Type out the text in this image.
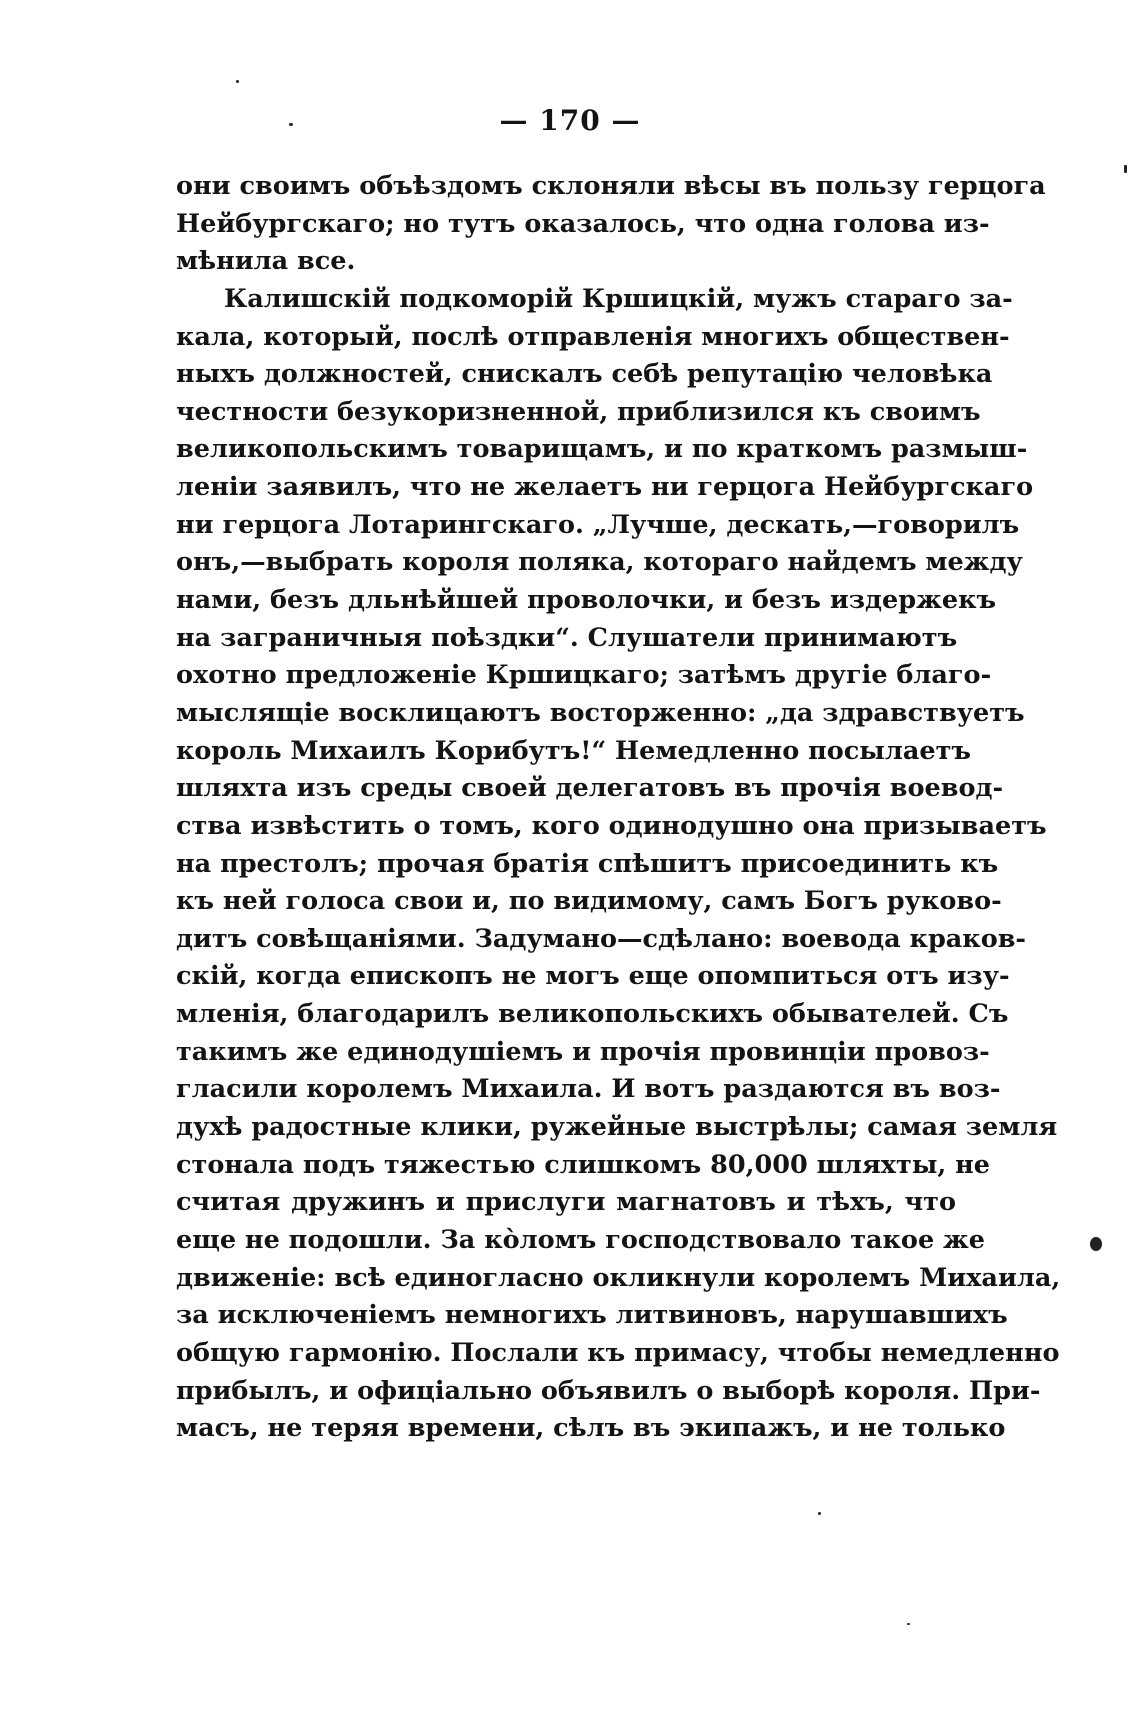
— 170 —
они своимъ объѣздомъ склоняли вѣсы въ пользу герцога
Нейбургскаго; но тутъ оказалось, что одна голова из-
мѣнила все.
Калишскій подкоморій Кршицкій, мужъ стараго за-
кала, который, послѣ отправленія многихъ обществен-
ныхъ должностей, снискалъ себѣ репутацію человѣка
честности безукоризненной, приблизился къ своимъ
великопольскимъ товарищамъ, и по краткомъ размыш-
леніи заявилъ, что не желаетъ ни герцога Нейбургскаго
ни герцога Лотарингскаго. „Лучше, дескать,—говорилъ
онъ,—выбрать короля поляка, котораго найдемъ между
нами, безъ дльнѣйшей проволочки, и безъ издержекъ
на заграничныя поѣздки“. Слушатели принимаютъ
охотно предложеніе Кршицкаго; затѣмъ другіе благо-
мыслящіе восклицаютъ восторженно: „да здравствуетъ
король Михаилъ Корибутъ!“ Немедленно посылаетъ
шляхта изъ среды своей делегатовъ въ прочія воевод-
ства извѣстить о томъ, кого одинодушно она призываетъ
на престолъ; прочая братія спѣшитъ присоединить къ
къ ней голоса свои и, по видимому, самъ Богъ руково-
дитъ совѣщаніями. Задумано—сдѣлано: воевода краков-
скій, когда епископъ не могъ еще опомпиться отъ изу-
мленія, благодарилъ великопольскихъ обывателей. Съ
такимъ же единодушіемъ и прочія провинціи провоз-
гласили королемъ Михаила. И вотъ раздаются въ воз-
духѣ радостные клики, ружейные выстрѣлы; самая земля
стонала подъ тяжестью слишкомъ 80,000 шляхты, не
считая дружинъ и прислуги магнатовъ и тѣхъ, что
еще не подошли. За кòломъ господствовало такое же
движеніе: всѣ единогласно окликнули королемъ Михаила,
за исключеніемъ немногихъ литвиновъ, нарушавшихъ
общую гармонію. Послали къ примасу, чтобы немедленно
прибылъ, и офиціально объявилъ о выборѣ короля. При-
масъ, не теряя времени, сѣлъ въ экипажъ, и не только
